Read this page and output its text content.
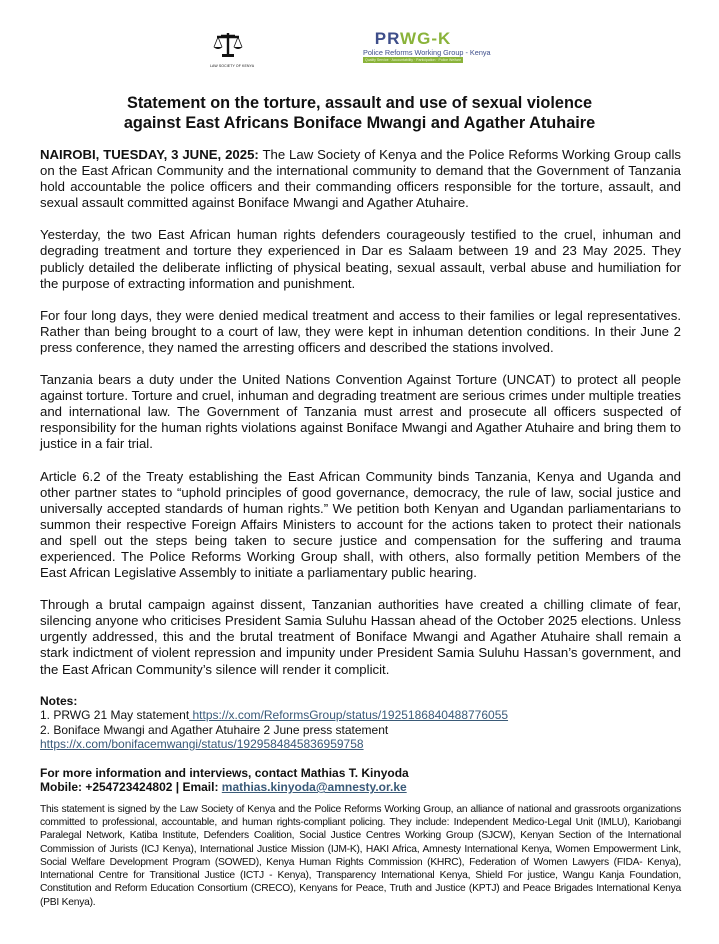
LAW SOCIETY OF KENYA
PRWG-K
Police Reforms Working Group - Kenya
Quality Service · Accountability · Participation · Police Welfare
Statement on the torture, assault and use of sexual violence
against East Africans Boniface Mwangi and Agather Atuhaire

NAIROBI, TUESDAY, 3 JUNE, 2025: The Law Society of Kenya and the Police Reforms Working Group calls on the East African Community and the international community to demand that the Government of Tanzania hold accountable the police officers and their commanding officers responsible for the torture, assault, and sexual assault committed against Boniface Mwangi and Agather Atuhaire.

Yesterday, the two East African human rights defenders courageously testified to the cruel, inhuman and degrading treatment and torture they experienced in Dar es Salaam between 19 and 23 May 2025. They publicly detailed the deliberate inflicting of physical beating, sexual assault, verbal abuse and humiliation for the purpose of extracting information and punishment.

For four long days, they were denied medical treatment and access to their families or legal representatives. Rather than being brought to a court of law, they were kept in inhuman detention conditions. In their June 2 press conference, they named the arresting officers and described the stations involved.

Tanzania bears a duty under the United Nations Convention Against Torture (UNCAT) to protect all people against torture. Torture and cruel, inhuman and degrading treatment are serious crimes under multiple treaties and international law. The Government of Tanzania must arrest and prosecute all officers suspected of responsibility for the human rights violations against Boniface Mwangi and Agather Atuhaire and bring them to justice in a fair trial.

Article 6.2 of the Treaty establishing the East African Community binds Tanzania, Kenya and Uganda and other partner states to “uphold principles of good governance, democracy, the rule of law, social justice and universally accepted standards of human rights.” We petition both Kenyan and Ugandan parliamentarians to summon their respective Foreign Affairs Ministers to account for the actions taken to protect their nationals and spell out the steps being taken to secure justice and compensation for the suffering and trauma experienced. The Police Reforms Working Group shall, with others, also formally petition Members of the East African Legislative Assembly to initiate a parliamentary public hearing.

Through a brutal campaign against dissent, Tanzanian authorities have created a chilling climate of fear, silencing anyone who criticises President Samia Suluhu Hassan ahead of the October 2025 elections. Unless urgently addressed, this and the brutal treatment of Boniface Mwangi and Agather Atuhaire shall remain a stark indictment of violent repression and impunity under President Samia Suluhu Hassan’s government, and the East African Community’s silence will render it complicit.

Notes:
1. PRWG 21 May statement https://x.com/ReformsGroup/status/1925186840488776055
2. Boniface Mwangi and Agather Atuhaire 2 June press statement
https://x.com/bonifacemwangi/status/1929584845836959758
For more information and interviews, contact Mathias T. Kinyoda
Mobile: +254723424802 | Email: mathias.kinyoda@amnesty.or.ke
This statement is signed by the Law Society of Kenya and the Police Reforms Working Group, an alliance of national and grassroots organizations committed to professional, accountable, and human rights-compliant policing. They include: Independent Medico-Legal Unit (IMLU), Kariobangi Paralegal Network, Katiba Institute, Defenders Coalition, Social Justice Centres Working Group (SJCW), Kenyan Section of the International Commission of Jurists (ICJ Kenya), International Justice Mission (IJM-K), HAKI Africa, Amnesty International Kenya, Women Empowerment Link, Social Welfare Development Program (SOWED), Kenya Human Rights Commission (KHRC), Federation of Women Lawyers (FIDA- Kenya), International Centre for Transitional Justice (ICTJ - Kenya), Transparency International Kenya, Shield For justice, Wangu Kanja Foundation, Constitution and Reform Education Consortium (CRECO), Kenyans for Peace, Truth and Justice (KPTJ) and Peace Brigades International Kenya (PBI Kenya).
